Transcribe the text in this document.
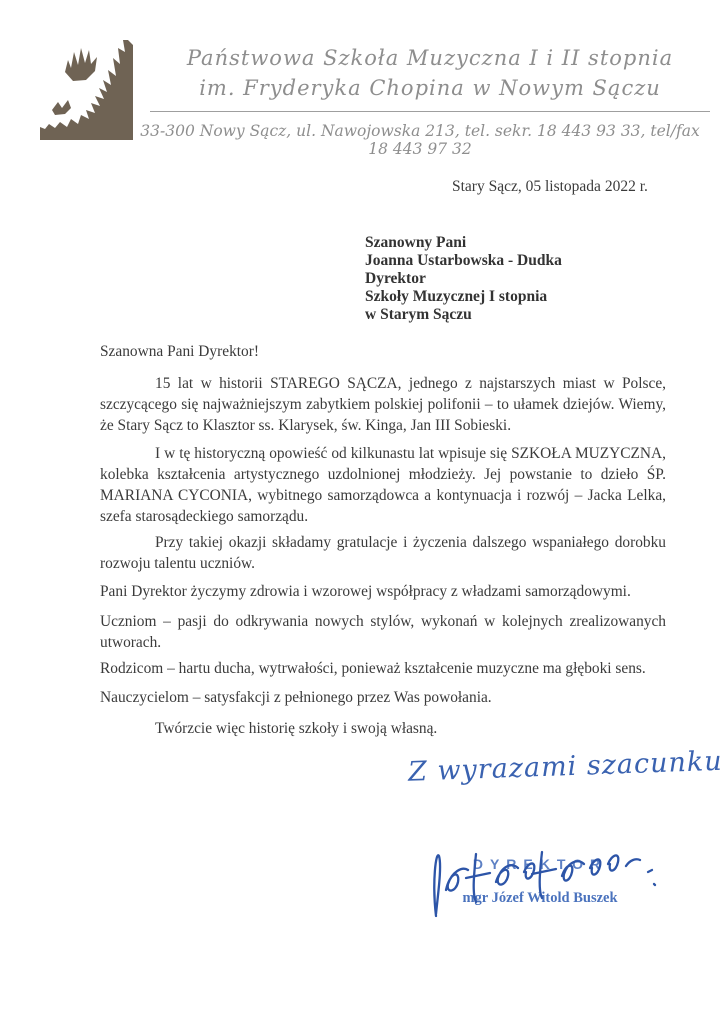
Państwowa Szkoła Muzyczna I i II stopnia
im. Fryderyka Chopina w Nowym Sączu
33-300 Nowy Sącz, ul. Nawojowska 213, tel. sekr. 18 443 93 33, tel/fax 18 443 97 32
Stary Sącz, 05 listopada 2022 r.
Szanowny Pani
Joanna Ustarbowska - Dudka
Dyrektor
Szkoły Muzycznej I stopnia
w Starym Sączu

Szanowna Pani Dyrektor!

15 lat w historii STAREGO SĄCZA, jednego z najstarszych miast w Polsce, szczycącego się najważniejszym zabytkiem polskiej polifonii – to ułamek dziejów. Wiemy, że Stary Sącz to Klasztor ss. Klarysek, św. Kinga, Jan III Sobieski.

I w tę historyczną opowieść od kilkunastu lat wpisuje się SZKOŁA MUZYCZNA, kolebka kształcenia artystycznego uzdolnionej młodzieży. Jej powstanie to dzieło ŚP. MARIANA CYCONIA, wybitnego samorządowca a kontynuacja i rozwój – Jacka Lelka, szefa starosądeckiego samorządu.

Przy takiej okazji składamy gratulacje i życzenia dalszego wspaniałego dorobku rozwoju talentu uczniów.

Pani Dyrektor życzymy zdrowia i wzorowej współpracy z władzami samorządowymi.

Uczniom – pasji do odkrywania nowych stylów, wykonań w kolejnych zrealizowanych utworach.

Rodzicom – hartu ducha, wytrwałości, ponieważ kształcenie muzyczne ma głęboki sens.

Nauczycielom – satysfakcji z pełnionego przez Was powołania.

Twórzcie więc historię szkoły i swoją własną.

Z wyrazami szacunku
DYREKTOR
mgr Józef Witold Buszek
